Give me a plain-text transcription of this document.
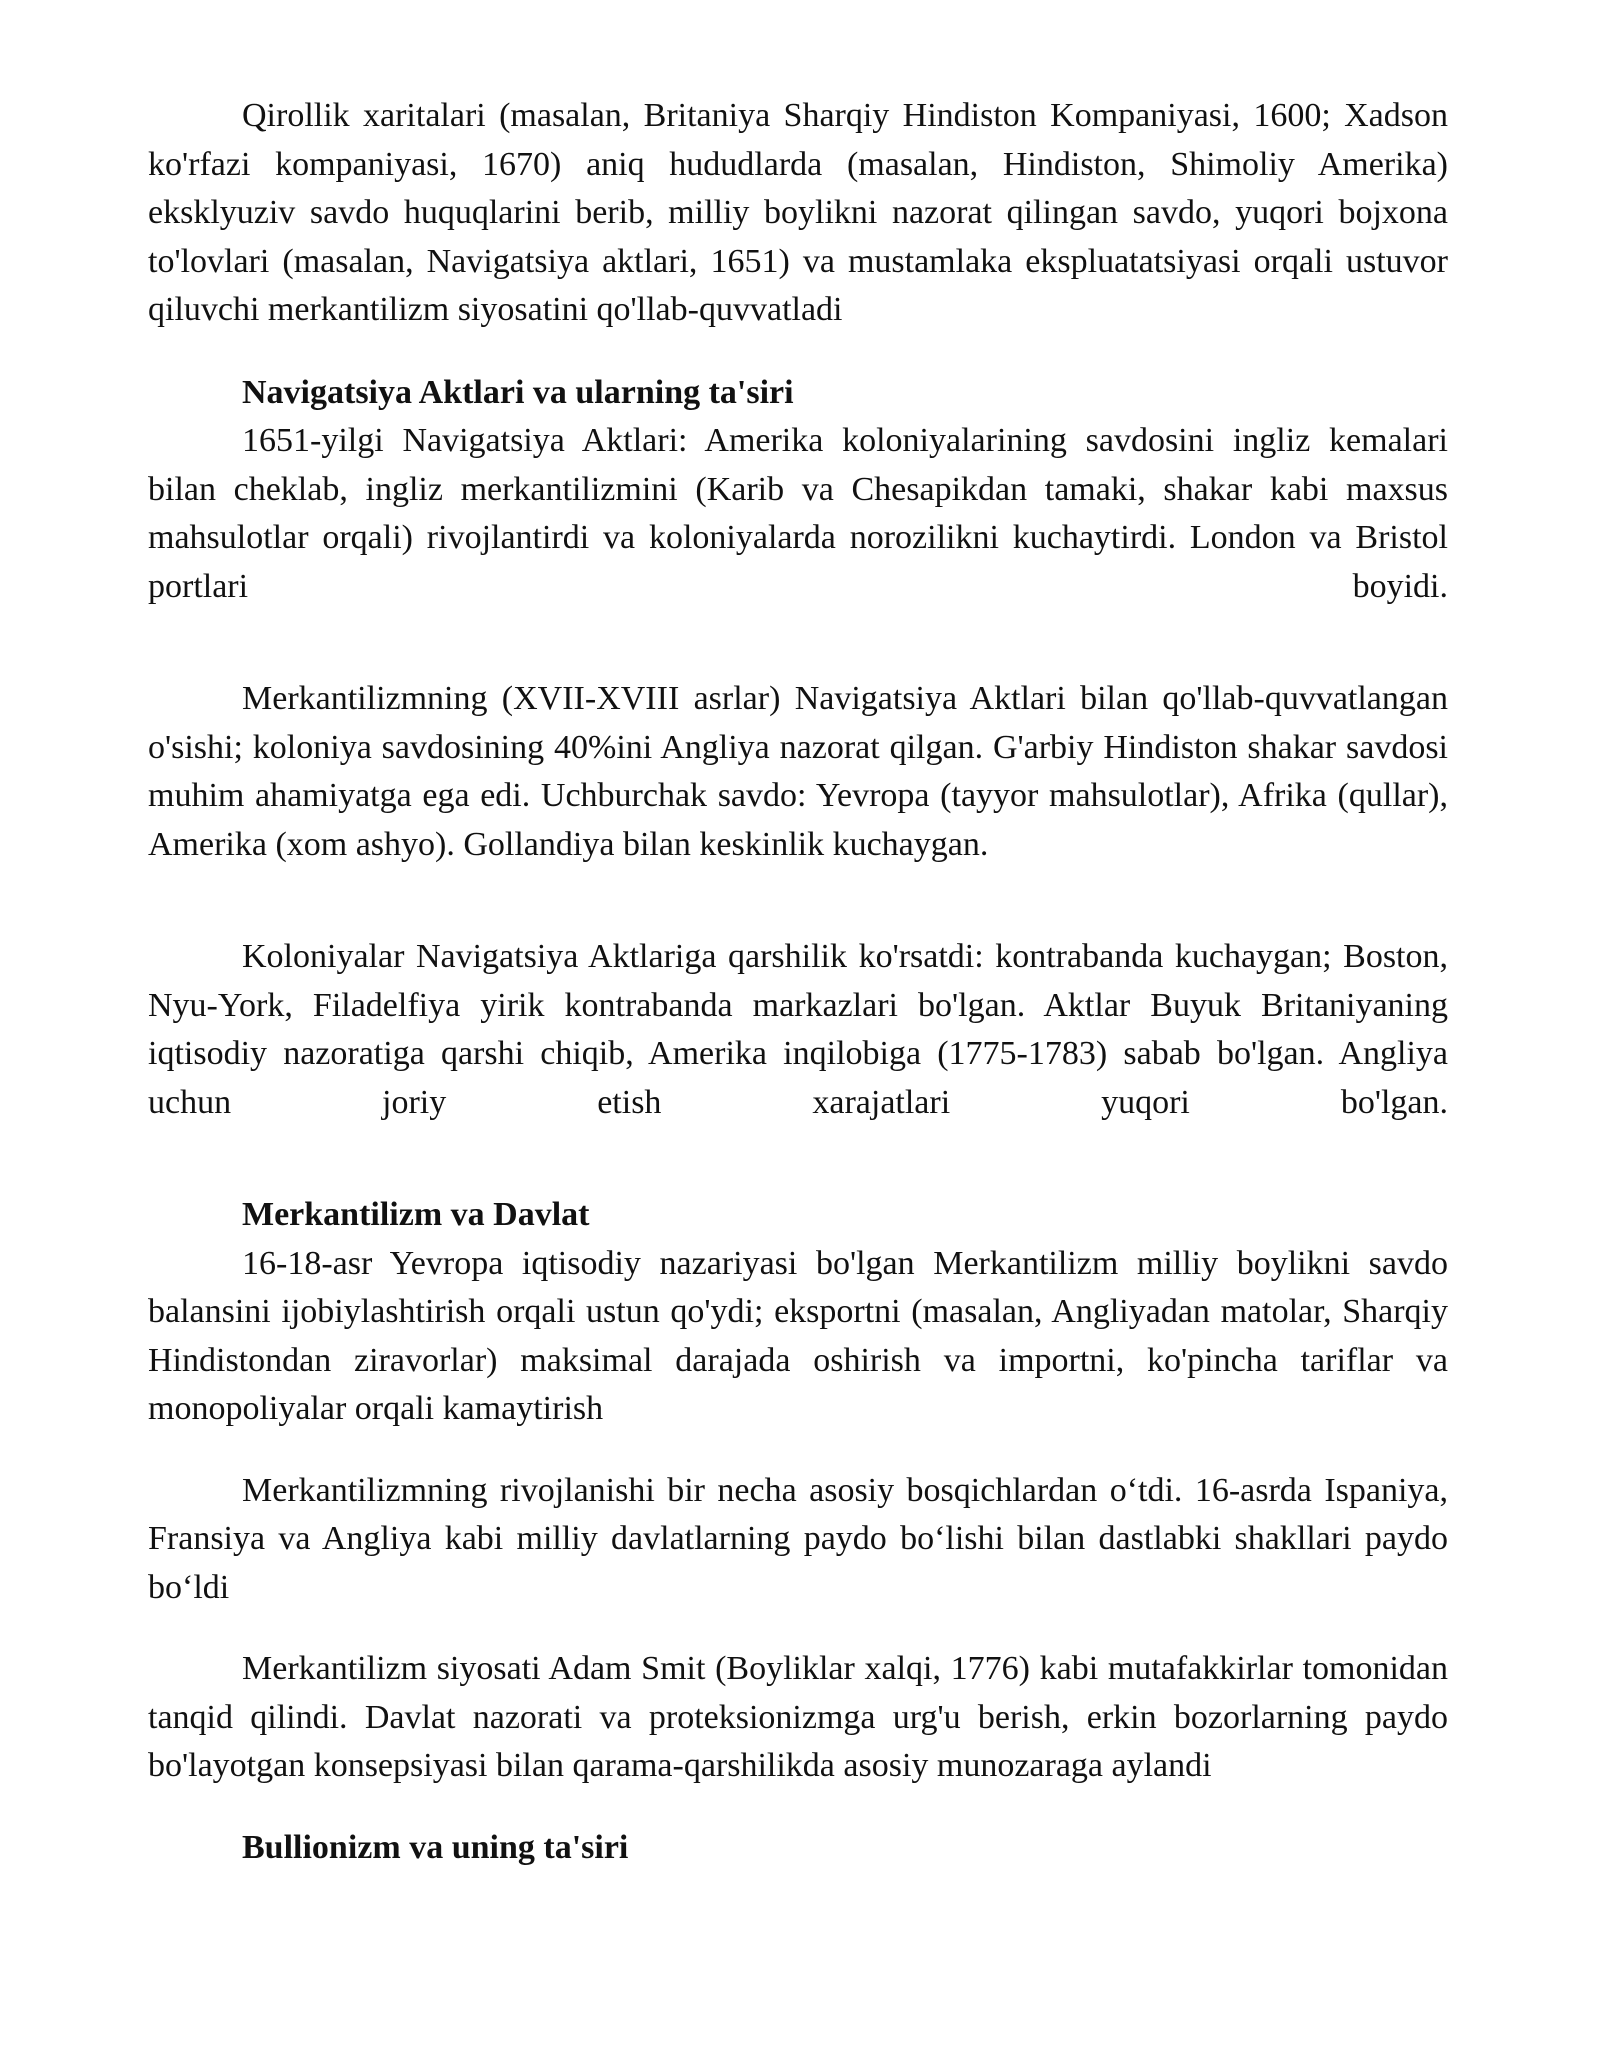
Qirollik xaritalari (masalan, Britaniya Sharqiy Hindiston Kompaniyasi, 1600; Xadson ko'rfazi kompaniyasi, 1670) aniq hududlarda (masalan, Hindiston, Shimoliy Amerika) eksklyuziv savdo huquqlarini berib, milliy boylikni nazorat qilingan savdo, yuqori bojxona to'lovlari (masalan, Navigatsiya aktlari, 1651) va mustamlaka ekspluatatsiyasi orqali ustuvor qiluvchi merkantilizm siyosatini qo'llab-quvvatladi

Navigatsiya Aktlari va ularning ta'siri

1651-yilgi Navigatsiya Aktlari: Amerika koloniyalarining savdosini ingliz kemalari bilan cheklab, ingliz merkantilizmini (Karib va Chesapikdan tamaki, shakar kabi maxsus mahsulotlar orqali) rivojlantirdi va koloniyalarda norozilikni kuchaytirdi. London va Bristol portlari boyidi.

Merkantilizmning (XVII-XVIII asrlar) Navigatsiya Aktlari bilan qo'llab-quvvatlangan o'sishi; koloniya savdosining 40%ini Angliya nazorat qilgan. G'arbiy Hindiston shakar savdosi muhim ahamiyatga ega edi. Uchburchak savdo: Yevropa (tayyor mahsulotlar), Afrika (qullar), Amerika (xom ashyo). Gollandiya bilan keskinlik kuchaygan.

Koloniyalar Navigatsiya Aktlariga qarshilik ko'rsatdi: kontrabanda kuchaygan; Boston, Nyu-York, Filadelfiya yirik kontrabanda markazlari bo'lgan. Aktlar Buyuk Britaniyaning iqtisodiy nazoratiga qarshi chiqib, Amerika inqilobiga (1775-1783) sabab bo'lgan. Angliya uchun joriy etish xarajatlari yuqori bo'lgan.

Merkantilizm va Davlat

16-18-asr Yevropa iqtisodiy nazariyasi bo'lgan Merkantilizm milliy boylikni savdo balansini ijobiylashtirish orqali ustun qo'ydi; eksportni (masalan, Angliyadan matolar, Sharqiy Hindistondan ziravorlar) maksimal darajada oshirish va importni, ko'pincha tariflar va monopoliyalar orqali kamaytirish

Merkantilizmning rivojlanishi bir necha asosiy bosqichlardan o‘tdi. 16-asrda Ispaniya, Fransiya va Angliya kabi milliy davlatlarning paydo bo‘lishi bilan dastlabki shakllari paydo bo‘ldi

Merkantilizm siyosati Adam Smit (Boyliklar xalqi, 1776) kabi mutafakkirlar tomonidan tanqid qilindi. Davlat nazorati va proteksionizmga urg'u berish, erkin bozorlarning paydo bo'layotgan konsepsiyasi bilan qarama-qarshilikda asosiy munozaraga aylandi

Bullionizm va uning ta'siri
